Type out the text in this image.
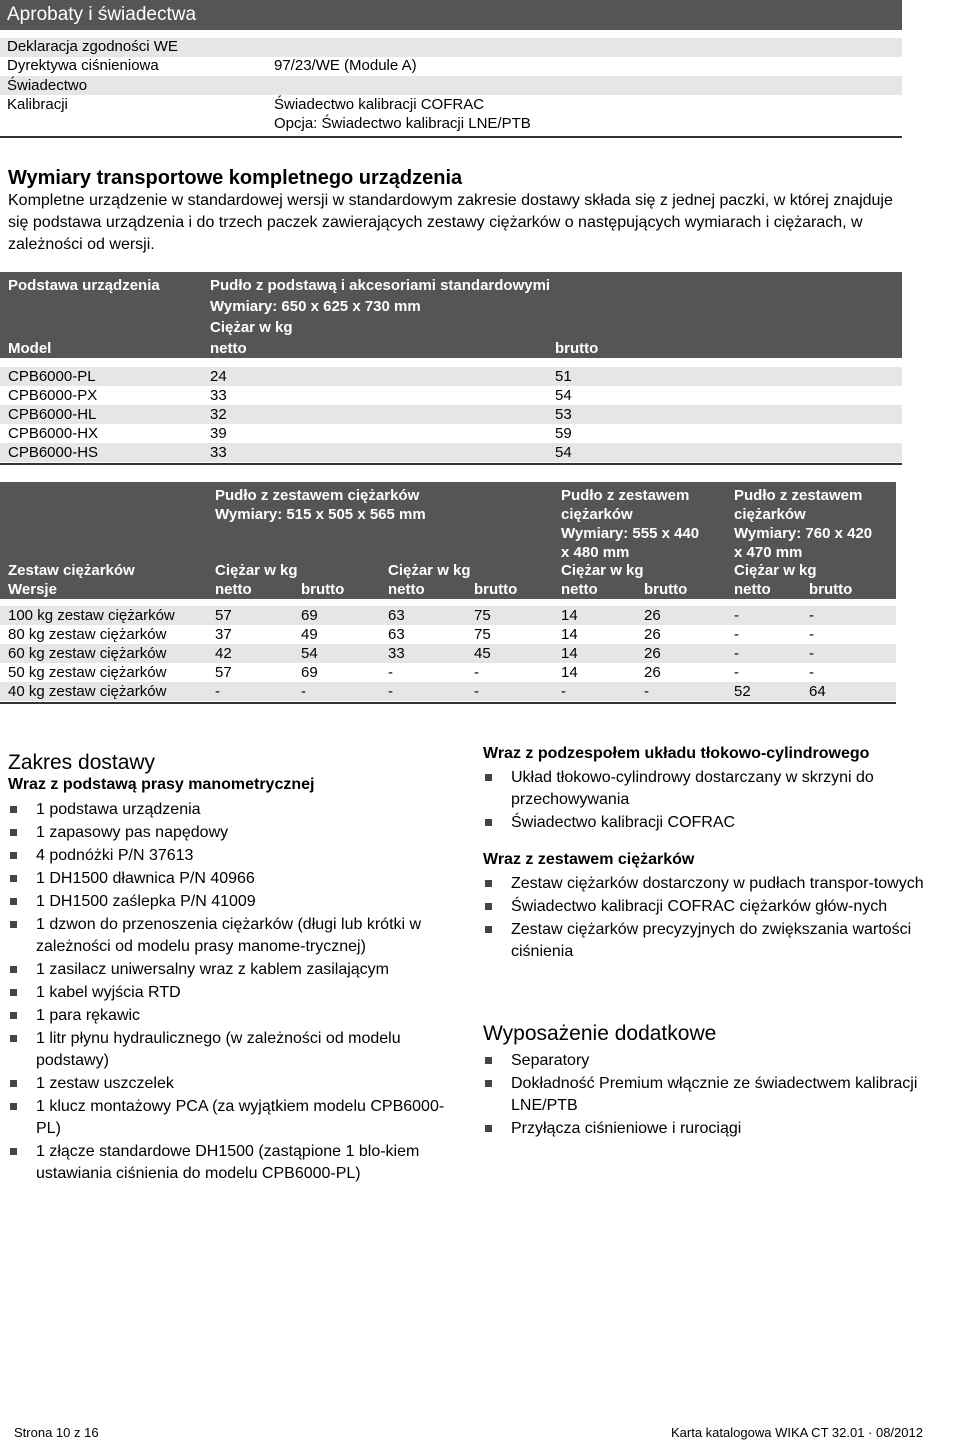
Aprobaty i świadectwa
Deklaracja zgodności WE
Dyrektywa ciśnieniowa	97/23/WE (Module A)
Świadectwo
Kalibracji	Świadectwo kalibracji COFRAC
Opcja: Świadectwo kalibracji LNE/PTB
Wymiary transportowe kompletnego urządzenia
Kompletne urządzenie w standardowej wersji w standardowym zakresie dostawy składa się z jednej paczki, w której znajduje się podstawa urządzenia i do trzech paczek zawierających zestawy ciężarków o następujących wymiarach i ciężarach, w zależności od wersji.
Podstawa urządzenia	Pudło z podstawą i akcesoriami standardowymi
Wymiary: 650 x 625 x 730 mm
Ciężar w kg
Model	netto	brutto
CPB6000-PL	24	51
CPB6000-PX	33	54
CPB6000-HL	32	53
CPB6000-HX	39	59
CPB6000-HS	33	54
Pudło z zestawem ciężarków
Wymiary: 515 x 505 x 565 mm
Pudło z zestawem
ciężarków
Wymiary: 555 x 440
x 480 mm
Pudło z zestawem
ciężarków
Wymiary: 760 x 420
x 470 mm
Zestaw ciężarków
Wersje
Ciężar w kg	Ciężar w kg	Ciężar w kg	Ciężar w kg
netto	brutto	netto	brutto	netto	brutto	netto	brutto
100 kg zestaw ciężarków	57	69	63	75	14	26	-	-
80 kg zestaw ciężarków	37	49	63	75	14	26	-	-
60 kg zestaw ciężarków	42	54	33	45	14	26	-	-
50 kg zestaw ciężarków	57	69	-	-	14	26	-	-
40 kg zestaw ciężarków	-	-	-	-	-	-	52	64
Zakres dostawy
Wraz z podstawą prasy manometrycznej
1 podstawa urządzenia
1 zapasowy pas napędowy
4 podnóżki P/N 37613
1 DH1500 dławnica P/N 40966
1 DH1500 zaślepka P/N 41009
1 dzwon do przenoszenia ciężarków (długi lub krótki w zależności od modelu prasy manome-trycznej)
1 zasilacz uniwersalny wraz z kablem zasilającym
1 kabel wyjścia RTD
1 para rękawic
1 litr płynu hydraulicznego (w zależności od modelu podstawy)
1 zestaw uszczelek
1 klucz montażowy PCA (za wyjątkiem modelu CPB6000-PL)
1 złącze standardowe DH1500 (zastąpione 1 blo-kiem ustawiania ciśnienia do modelu CPB6000-PL)
Wraz z podzespołem układu tłokowo-cylindrowego
Układ tłokowo-cylindrowy dostarczany w skrzyni do przechowywania
Świadectwo kalibracji COFRAC
Wraz z zestawem ciężarków
Zestaw ciężarków dostarczony w pudłach transpor-towych
Świadectwo kalibracji COFRAC ciężarków głów-nych
Zestaw ciężarków precyzyjnych do zwiększania wartości ciśnienia
Wyposażenie dodatkowe
Separatory
Dokładność Premium włącznie ze świadectwem kalibracji LNE/PTB
Przyłącza ciśnieniowe i rurociągi
Strona 10 z 16	Karta katalogowa WIKA CT 32.01 · 08/2012
